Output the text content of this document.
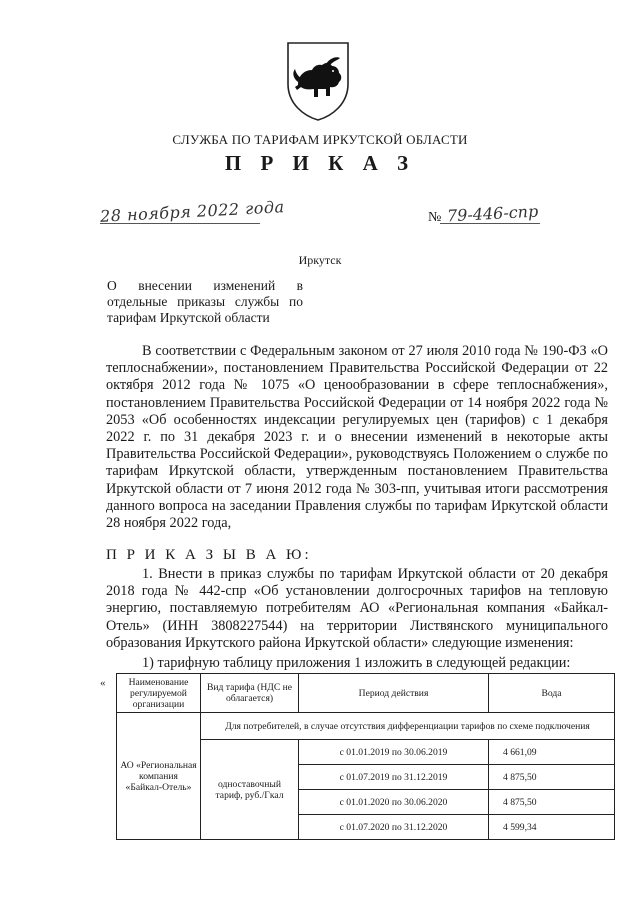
СЛУЖБА ПО ТАРИФАМ ИРКУТСКОЙ ОБЛАСТИ
П Р И К А З
28 ноября 2022 года	№ 79-446-спр
Иркутск

О внесении изменений в отдельные приказы службы по тарифам Иркутской области

В соответствии с Федеральным законом от 27 июля 2010 года № 190-ФЗ «О теплоснабжении», постановлением Правительства Российской Федерации от 22 октября 2012 года № 1075 «О ценообразовании в сфере теплоснабжения», постановлением Правительства Российской Федерации от 14 ноября 2022 года № 2053 «Об особенностях индексации регулируемых цен (тарифов) с 1 декабря 2022 г. по 31 декабря 2023 г. и о внесении изменений в некоторые акты Правительства Российской Федерации», руководствуясь Положением о службе по тарифам Иркутской области, утвержденным постановлением Правительства Иркутской области от 7 июня 2012 года № 303-пп, учитывая итоги рассмотрения данного вопроса на заседании Правления службы по тарифам Иркутской области 28 ноября 2022 года,

П Р И К А З Ы В А Ю:

1. Внести в приказ службы по тарифам Иркутской области от 20 декабря 2018 года № 442-спр «Об установлении долгосрочных тарифов на тепловую энергию, поставляемую потребителям АО «Региональная компания «Байкал-Отель» (ИНН 3808227544) на территории Листвянского муниципального образования Иркутского района Иркутской области» следующие изменения:

1) тарифную таблицу приложения 1 изложить в следующей редакции:

« Наименование регулируемой организации	Вид тарифа (НДС не облагается)	Период действия	Вода
АО «Региональная компания «Байкал-Отель»	Для потребителей, в случае отсутствия дифференциации тарифов по схеме подключения		
	одноставочный тариф, руб./Гкал	с 01.01.2019 по 30.06.2019	4 661,09
		с 01.07.2019 по 31.12.2019	4 875,50
		с 01.01.2020 по 30.06.2020	4 875,50
		с 01.07.2020 по 31.12.2020	4 599,34
